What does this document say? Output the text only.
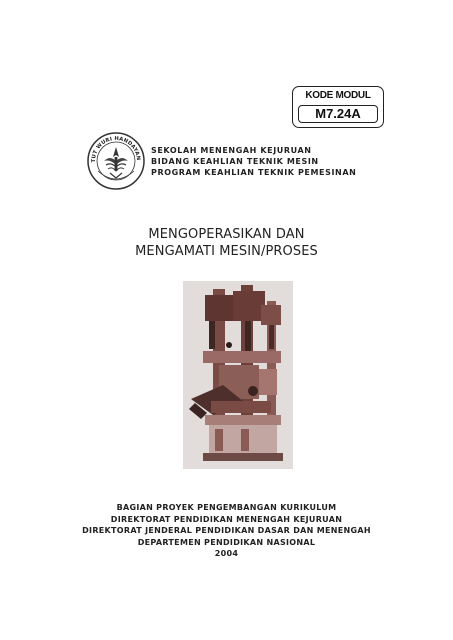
KODE MODUL
M7.24A
TUT WURI HANDAYAN
SEKOLAH MENENGAH KEJURUAN
BIDANG KEAHLIAN TEKNIK MESIN
PROGRAM KEAHLIAN TEKNIK PEMESINAN
MENGOPERASIKAN DAN
MENGAMATI MESIN/PROSES
BAGIAN PROYEK PENGEMBANGAN KURIKULUM
DIREKTORAT PENDIDIKAN MENENGAH KEJURUAN
DIREKTORAT JENDERAL PENDIDIKAN DASAR DAN MENENGAH
DEPARTEMEN PENDIDIKAN NASIONAL
2004
